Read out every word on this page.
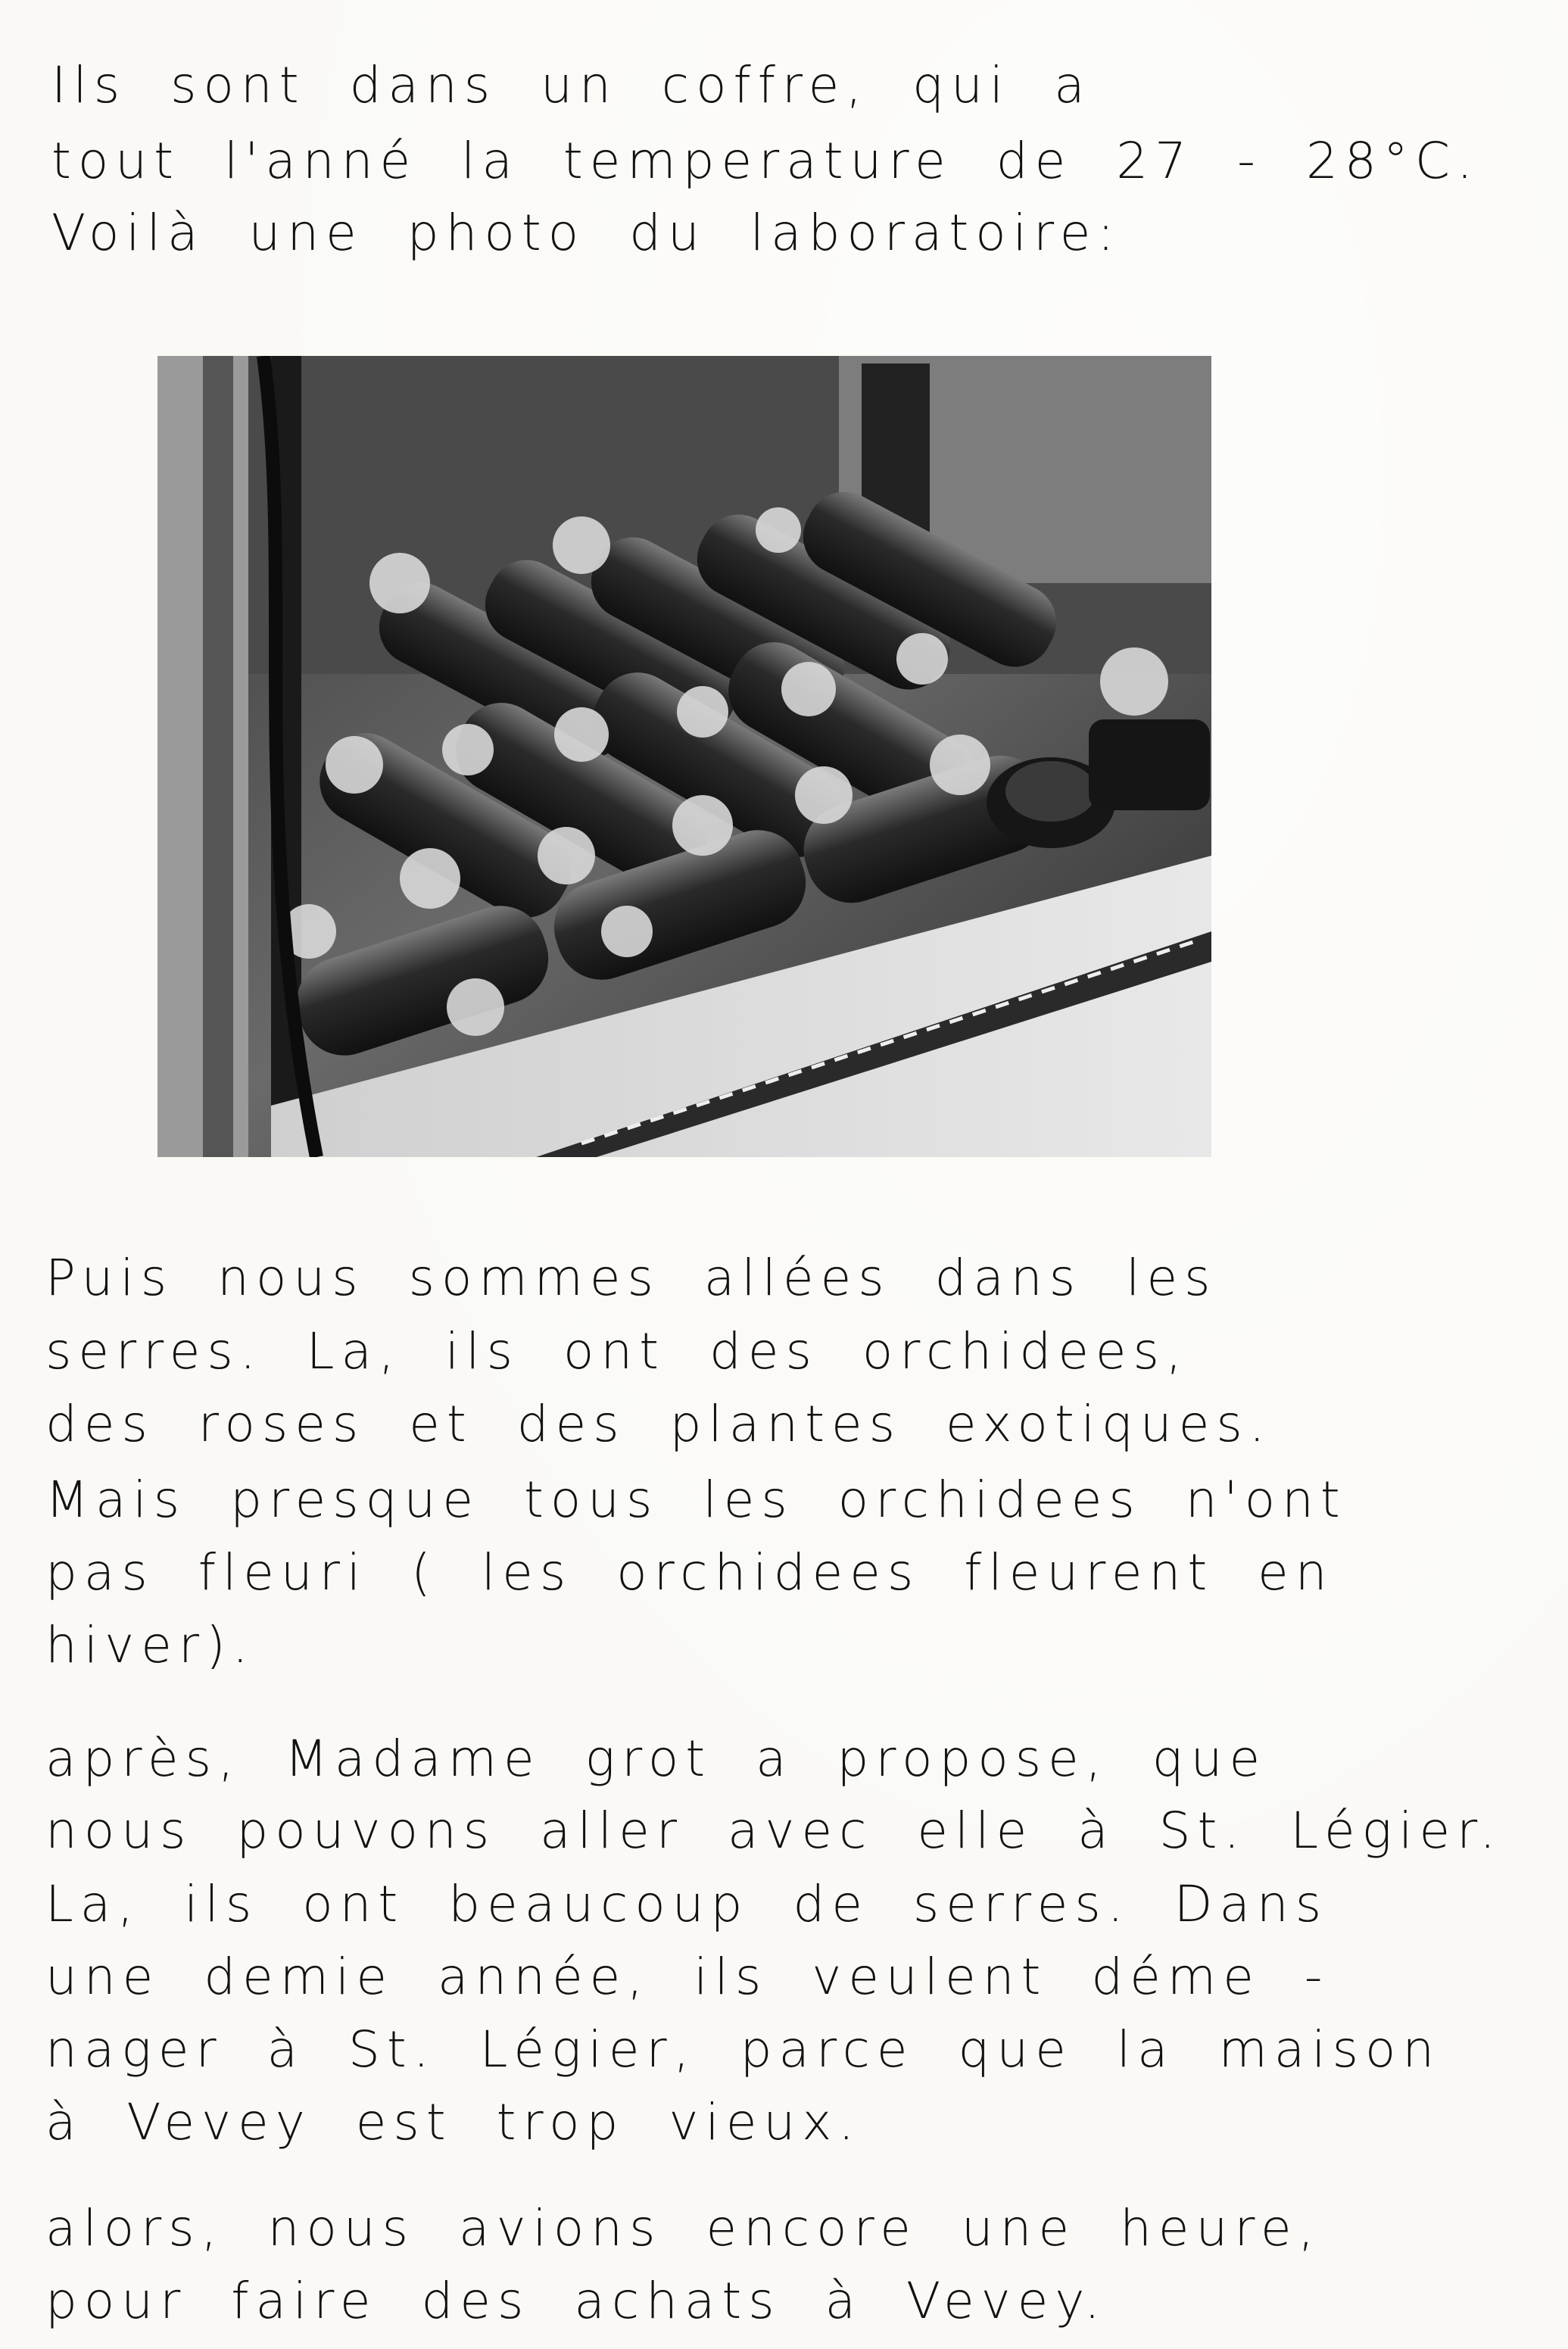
Ils sont dans un coffre, qui a
tout l'anné la temperature de 27 - 28°C.
Voilà une photo du laboratoire:
Puis nous sommes allées dans les
serres. La, ils ont des orchidees,
des roses et des plantes exotiques.
Mais presque tous les orchidees n'ont
pas fleuri ( les orchidees fleurent en
hiver).
après, Madame grot a propose, que
nous pouvons aller avec elle à St. Légier.
La, ils ont beaucoup de serres. Dans
une demie année, ils veulent déme -
nager à St. Légier, parce que la maison
à Vevey est trop vieux.
alors, nous avions encore une heure,
pour faire des achats à Vevey.
